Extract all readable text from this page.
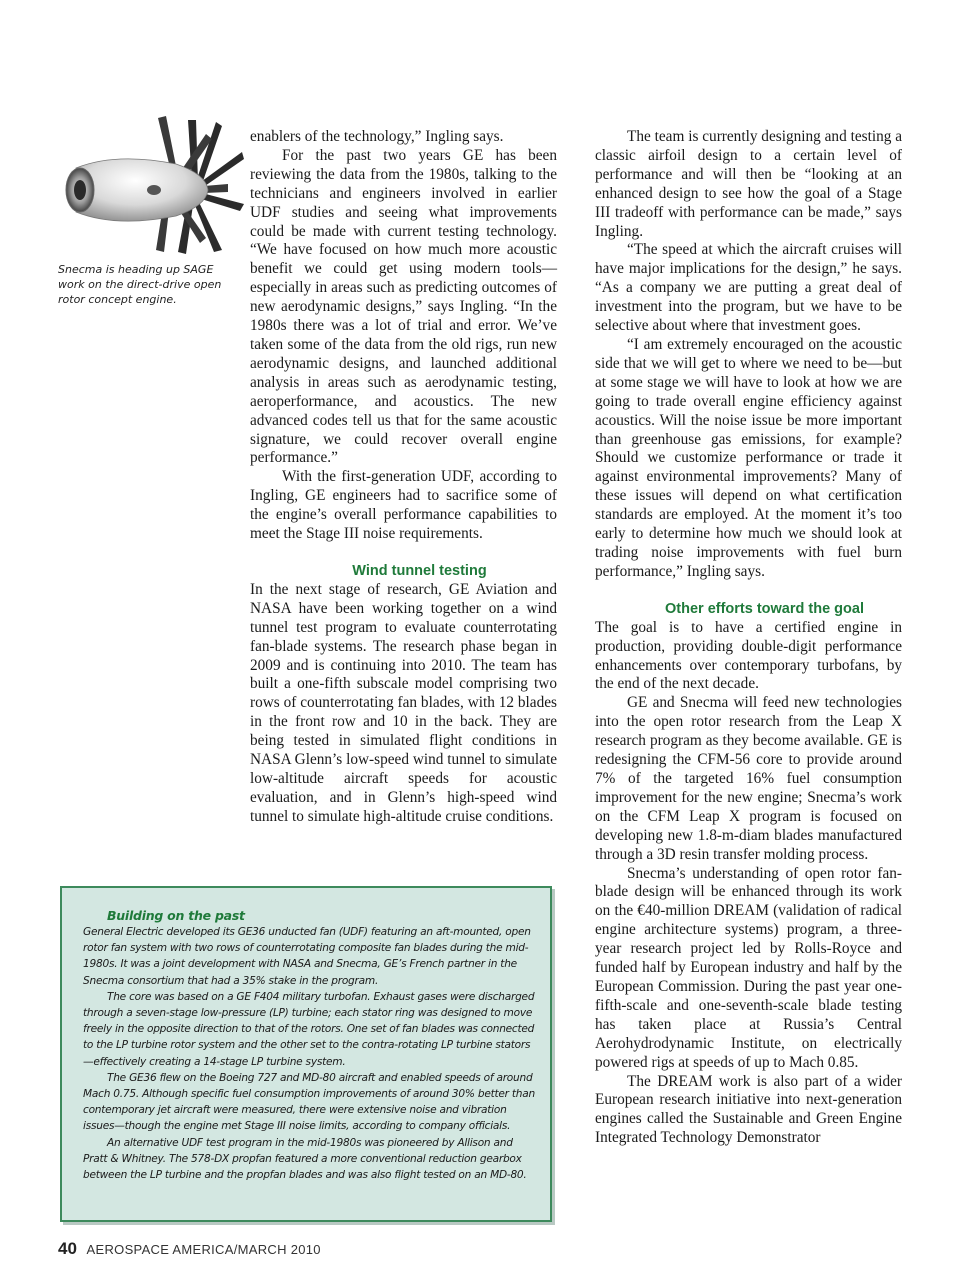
Snecma is heading up SAGE work on the direct-drive open rotor concept engine.

enablers of the technology,” Ingling says.

For the past two years GE has been reviewing the data from the 1980s, talking to the technicians and engineers involved in earlier UDF studies and seeing what improvements could be made with current testing technology. “We have focused on how much more acoustic benefit we could get using modern tools—especially in areas such as predicting outcomes of new aerodynamic designs,” says Ingling. “In the 1980s there was a lot of trial and error. We’ve taken some of the data from the old rigs, run new aerodynamic designs, and launched additional analysis in areas such as aerodynamic testing, aeroperformance, and acoustics. The new advanced codes tell us that for the same acoustic signature, we could recover overall engine performance.”

With the first-generation UDF, according to Ingling, GE engineers had to sacrifice some of the engine’s overall performance capabilities to meet the Stage III noise requirements.

Wind tunnel testing

In the next stage of research, GE Aviation and NASA have been working together on a wind tunnel test program to evaluate counterrotating fan-blade systems. The research phase began in 2009 and is continuing into 2010. The team has built a one-fifth subscale model comprising two rows of counterrotating fan blades, with 12 blades in the front row and 10 in the back. They are being tested in simulated flight conditions in NASA Glenn’s low-speed wind tunnel to simulate low-altitude aircraft speeds for acoustic evaluation, and in Glenn’s high-speed wind tunnel to simulate high-altitude cruise conditions.

The team is currently designing and testing a classic airfoil design to a certain level of performance and will then be “looking at an enhanced design to see how the goal of a Stage III tradeoff with performance can be made,” says Ingling.

“The speed at which the aircraft cruises will have major implications for the design,” he says. “As a company we are putting a great deal of investment into the program, but we have to be selective about where that investment goes.

“I am extremely encouraged on the acoustic side that we will get to where we need to be—but at some stage we will have to look at how we are going to trade overall engine efficiency against acoustics. Will the noise issue be more important than greenhouse gas emissions, for example? Should we customize performance or trade it against environmental improvements? Many of these issues will depend on what certification standards are employed. At the moment it’s too early to determine how much we should look at trading noise improvements with fuel burn performance,” Ingling says.

Other efforts toward the goal

The goal is to have a certified engine in production, providing double-digit performance enhancements over contemporary turbofans, by the end of the next decade.

GE and Snecma will feed new technologies into the open rotor research from the Leap X research program as they become available. GE is redesigning the CFM-56 core to provide around 7% of the targeted 16% fuel consumption improvement for the new engine; Snecma’s work on the CFM Leap X program is focused on developing new 1.8-m-diam blades manufactured through a 3D resin transfer molding process.

Snecma’s understanding of open rotor fan-blade design will be enhanced through its work on the €40-million DREAM (validation of radical engine architecture systems) program, a three-year research project led by Rolls-Royce and funded half by European industry and half by the European Commission. During the past year one-fifth-scale and one-seventh-scale blade testing has taken place at Russia’s Central Aerohydrodynamic Institute, on electrically powered rigs at speeds of up to Mach 0.85.

The DREAM work is also part of a wider European research initiative into next-generation engines called the Sustainable and Green Engine Integrated Technology Demonstrator

Building on the past

General Electric developed its GE36 unducted fan (UDF) featuring an aft-mounted, open rotor fan system with two rows of counterrotating composite fan blades during the mid-1980s. It was a joint development with NASA and Snecma, GE’s French partner in the Snecma consortium that had a 35% stake in the program.

The core was based on a GE F404 military turbofan. Exhaust gases were discharged through a seven-stage low-pressure (LP) turbine; each stator ring was designed to move freely in the opposite direction to that of the rotors. One set of fan blades was connected to the LP turbine rotor system and the other set to the contra-rotating LP turbine stators—effectively creating a 14-stage LP turbine system.

The GE36 flew on the Boeing 727 and MD-80 aircraft and enabled speeds of around Mach 0.75. Although specific fuel consumption improvements of around 30% better than contemporary jet aircraft were measured, there were extensive noise and vibration issues—though the engine met Stage III noise limits, according to company officials.

An alternative UDF test program in the mid-1980s was pioneered by Allison and Pratt & Whitney. The 578-DX propfan featured a more conventional reduction gearbox between the LP turbine and the propfan blades and was also flight tested on an MD-80.

40 AEROSPACE AMERICA/MARCH 2010
